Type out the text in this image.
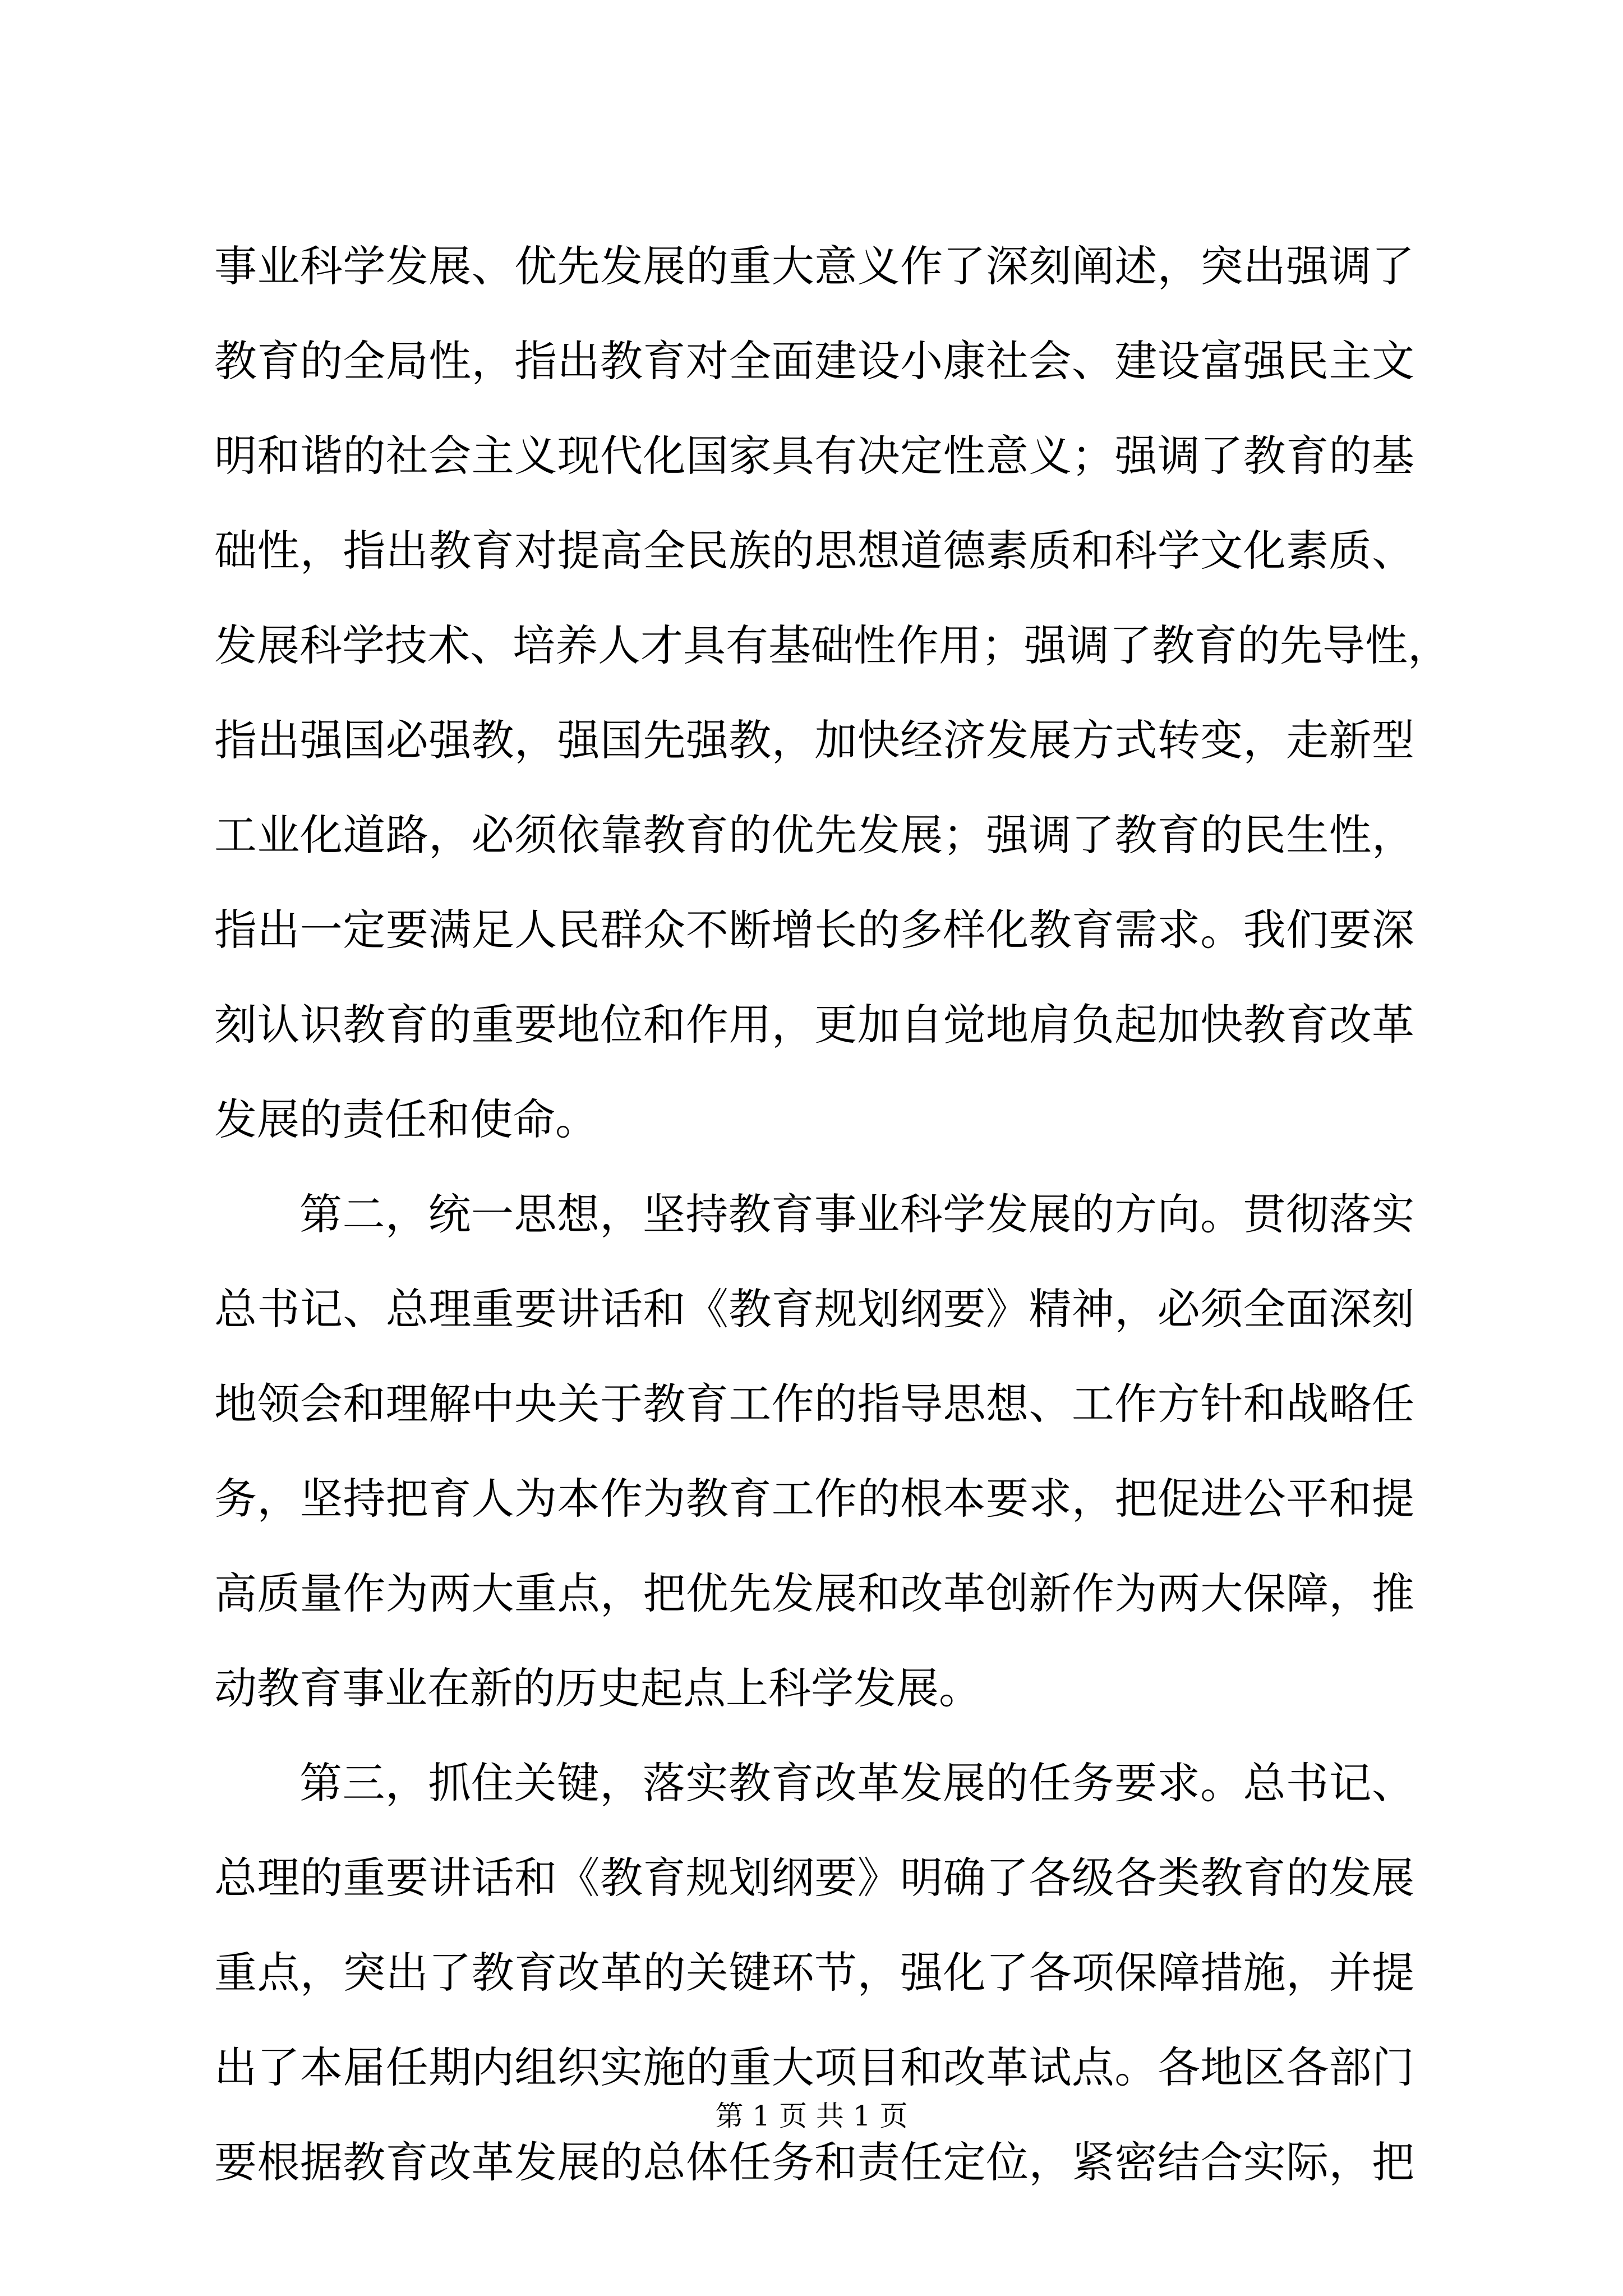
事业科学发展、优先发展的重大意义作了深刻阐述，突出强调了
教育的全局性，指出教育对全面建设小康社会、建设富强民主文
明和谐的社会主义现代化国家具有决定性意义；强调了教育的基
础性，指出教育对提高全民族的思想道德素质和科学文化素质、
发展科学技术、培养人才具有基础性作用；强调了教育的先导性，
指出强国必强教，强国先强教，加快经济发展方式转变，走新型
工业化道路，必须依靠教育的优先发展；强调了教育的民生性，
指出一定要满足人民群众不断增长的多样化教育需求。我们要深
刻认识教育的重要地位和作用，更加自觉地肩负起加快教育改革
发展的责任和使命。
第二，统一思想，坚持教育事业科学发展的方向。贯彻落实
总书记、总理重要讲话和《教育规划纲要》精神，必须全面深刻
地领会和理解中央关于教育工作的指导思想、工作方针和战略任
务，坚持把育人为本作为教育工作的根本要求，把促进公平和提
高质量作为两大重点，把优先发展和改革创新作为两大保障，推
动教育事业在新的历史起点上科学发展。
第三，抓住关键，落实教育改革发展的任务要求。总书记、
总理的重要讲话和《教育规划纲要》明确了各级各类教育的发展
重点，突出了教育改革的关键环节，强化了各项保障措施，并提
出了本届任期内组织实施的重大项目和改革试点。各地区各部门
要根据教育改革发展的总体任务和责任定位，紧密结合实际，把
第 1 页 共 1 页
